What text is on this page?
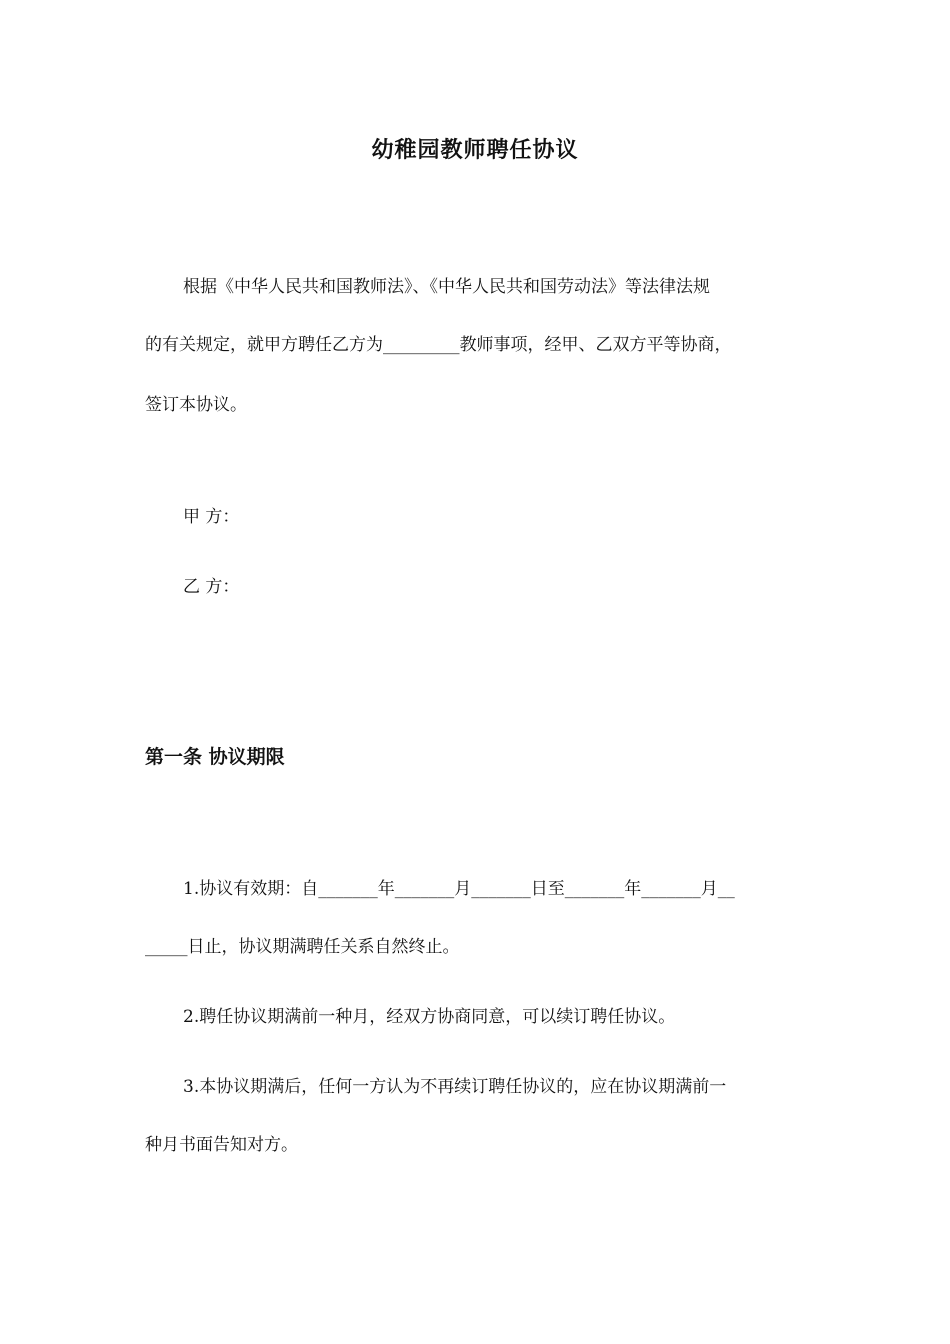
幼稚园教师聘任协议
根据《中华人民共和国教师法》、《中华人民共和国劳动法》等法律法规
的有关规定，就甲方聘任乙方为_________教师事项，经甲、乙双方平等协商，
签订本协议。
甲 方：
乙 方：
第一条 协议期限
1.协议有效期：自_______年_______月_______日至_______年_______月__
_____日止，协议期满聘任关系自然终止。
2.聘任协议期满前一种月，经双方协商同意，可以续订聘任协议。
3.本协议期满后，任何一方认为不再续订聘任协议的，应在协议期满前一
种月书面告知对方。
